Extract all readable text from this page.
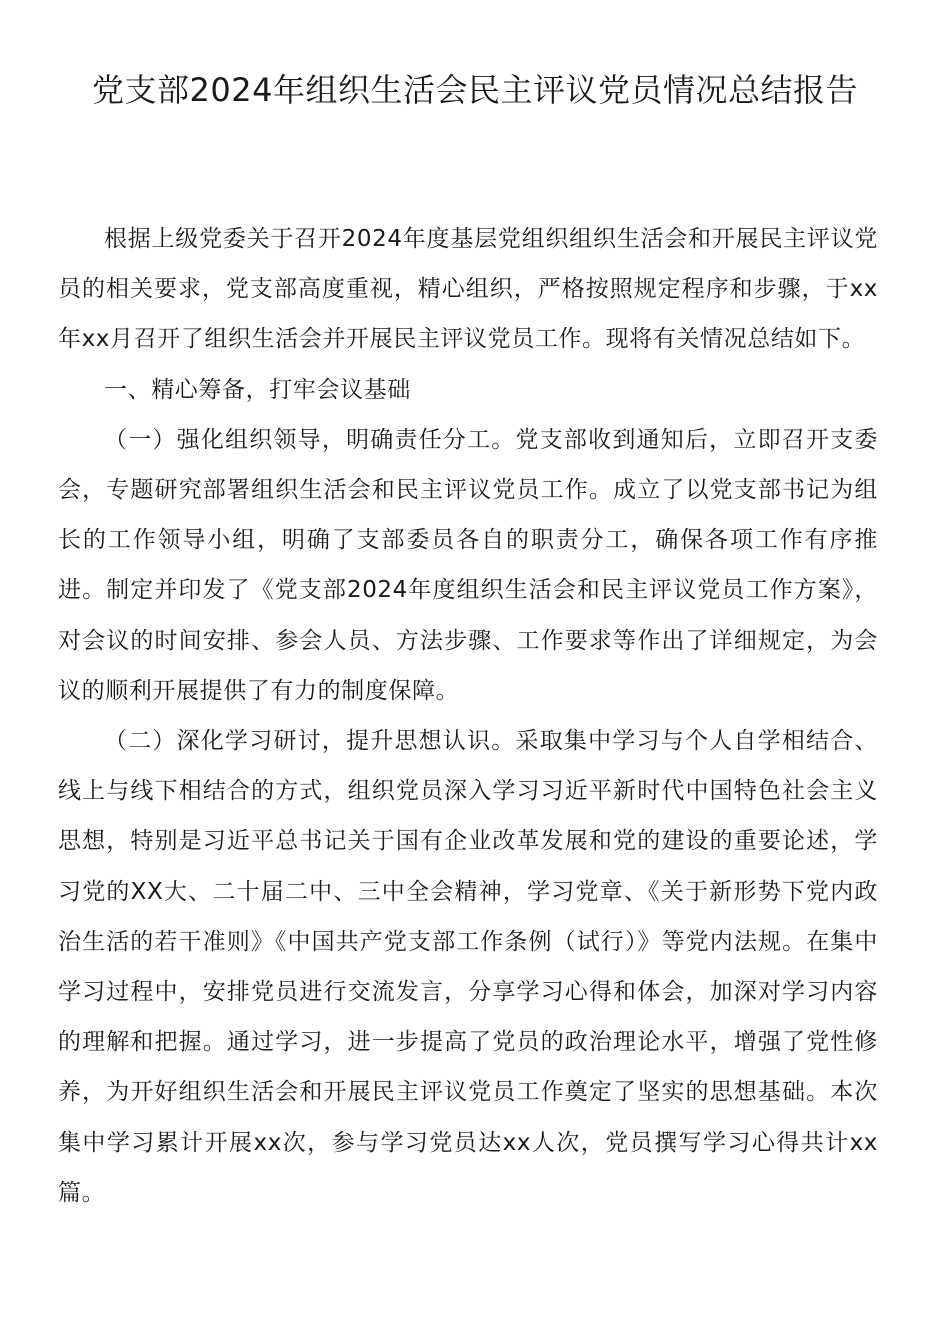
党支部2024年组织生活会民主评议党员情况总结报告

根据上级党委关于召开2024年度基层党组织组织生活会和开展民主评议党员的相关要求，党支部高度重视，精心组织，严格按照规定程序和步骤，于xx年xx月召开了组织生活会并开展民主评议党员工作。现将有关情况总结如下。

一、精心筹备，打牢会议基础

（一）强化组织领导，明确责任分工。党支部收到通知后，立即召开支委会，专题研究部署组织生活会和民主评议党员工作。成立了以党支部书记为组长的工作领导小组，明确了支部委员各自的职责分工，确保各项工作有序推进。制定并印发了《党支部2024年度组织生活会和民主评议党员工作方案》，对会议的时间安排、参会人员、方法步骤、工作要求等作出了详细规定，为会议的顺利开展提供了有力的制度保障。

（二）深化学习研讨，提升思想认识。采取集中学习与个人自学相结合、线上与线下相结合的方式，组织党员深入学习习近平新时代中国特色社会主义思想，特别是习近平总书记关于国有企业改革发展和党的建设的重要论述，学习党的XX大、二十届二中、三中全会精神，学习党章、《关于新形势下党内政治生活的若干准则》《中国共产党支部工作条例（试行）》等党内法规。在集中学习过程中，安排党员进行交流发言，分享学习心得和体会，加深对学习内容的理解和把握。通过学习，进一步提高了党员的政治理论水平，增强了党性修养，为开好组织生活会和开展民主评议党员工作奠定了坚实的思想基础。本次集中学习累计开展xx次，参与学习党员达xx人次，党员撰写学习心得共计xx篇。
